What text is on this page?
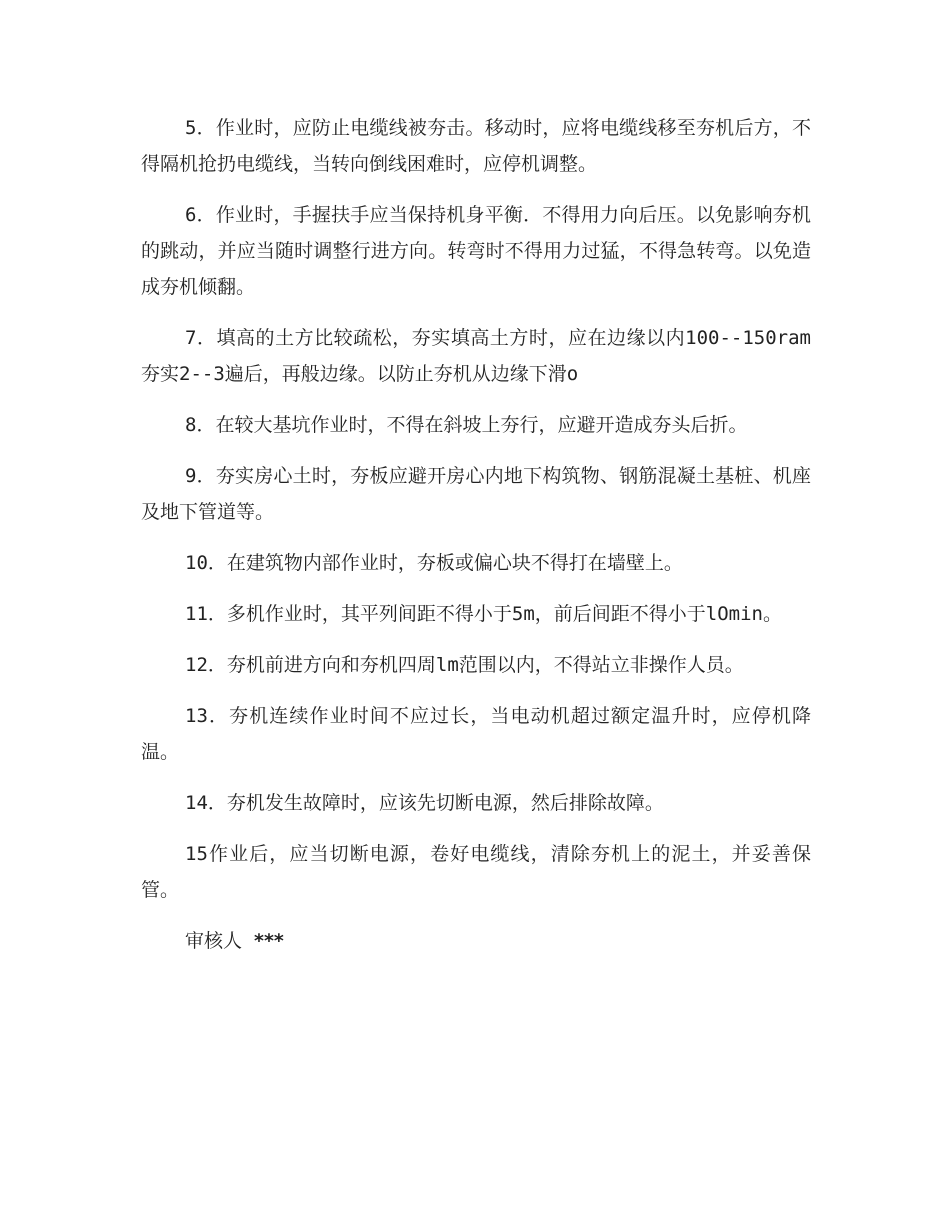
5．作业时，应防止电缆线被夯击。移动时，应将电缆线移至夯机后方，不得隔机抢扔电缆线，当转向倒线困难时，应停机调整。

6．作业时，手握扶手应当保持机身平衡．不得用力向后压。以免影响夯机的跳动，并应当随时调整行进方向。转弯时不得用力过猛，不得急转弯。以免造成夯机倾翻。

7．填高的土方比较疏松，夯实填高土方时，应在边缘以内100--150ram夯实2--3遍后，再般边缘。以防止夯机从边缘下滑o

8．在较大基坑作业时，不得在斜坡上夯行，应避开造成夯头后折。

9．夯实房心土时，夯板应避开房心内地下构筑物、钢筋混凝土基桩、机座及地下管道等。

10．在建筑物内部作业时，夯板或偏心块不得打在墙壁上。

11．多机作业时，其平列间距不得小于5m，前后间距不得小于lOmin。

12．夯机前进方向和夯机四周lm范围以内，不得站立非操作人员。

13．夯机连续作业时间不应过长，当电动机超过额定温升时，应停机降温。

14．夯机发生故障时，应该先切断电源，然后排除故障。

15作业后，应当切断电源，卷好电缆线，清除夯机上的泥土，并妥善保管。

审核人 ***
